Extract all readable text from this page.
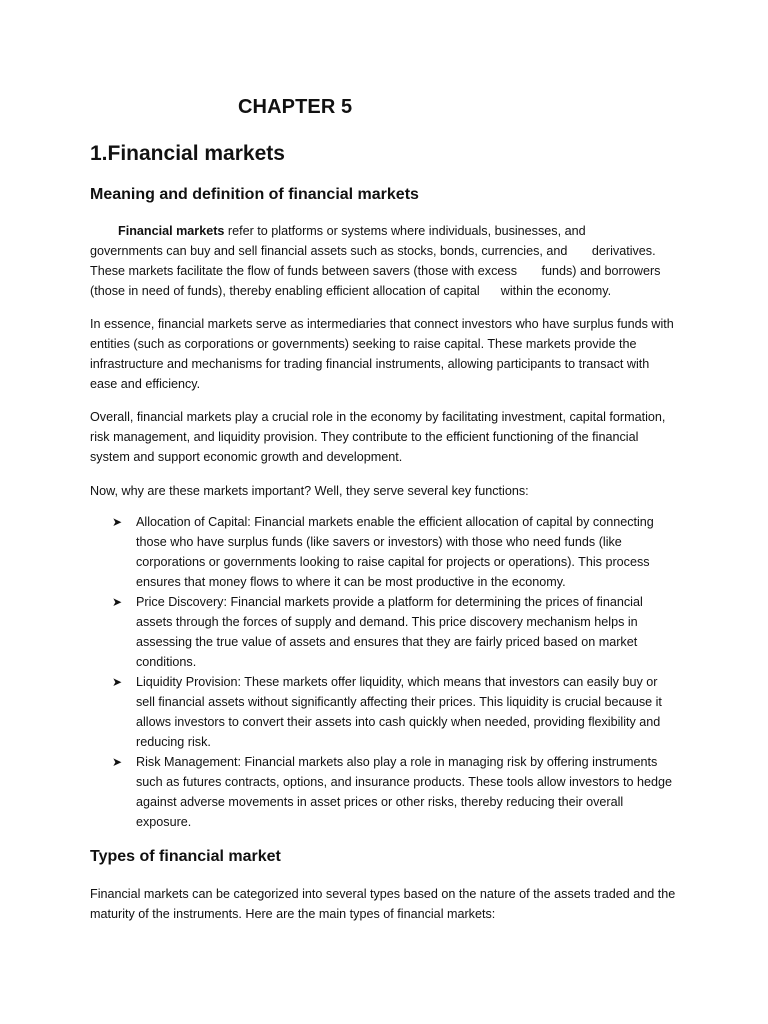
CHAPTER 5
1.Financial markets
Meaning and definition of financial markets
Financial markets refer to platforms or systems where individuals, businesses, and
governments can buy and sell financial assets such as stocks, bonds, currencies, and       derivatives.
These markets facilitate the flow of funds between savers (those with excess       funds) and borrowers
(those in need of funds), thereby enabling efficient allocation of capital      within the economy.
In essence, financial markets serve as intermediaries that connect investors who have surplus funds with
entities (such as corporations or governments) seeking to raise capital. These markets provide the
infrastructure and mechanisms for trading financial instruments, allowing participants to transact with
ease and efficiency.
Overall, financial markets play a crucial role in the economy by facilitating investment, capital formation,
risk management, and liquidity provision. They contribute to the efficient functioning of the financial
system and support economic growth and development.
Now, why are these markets important? Well, they serve several key functions:
➤ Allocation of Capital: Financial markets enable the efficient allocation of capital by connecting
those who have surplus funds (like savers or investors) with those who need funds (like
corporations or governments looking to raise capital for projects or operations). This process
ensures that money flows to where it can be most productive in the economy.
➤ Price Discovery: Financial markets provide a platform for determining the prices of financial
assets through the forces of supply and demand. This price discovery mechanism helps in
assessing the true value of assets and ensures that they are fairly priced based on market
conditions.
➤ Liquidity Provision: These markets offer liquidity, which means that investors can easily buy or
sell financial assets without significantly affecting their prices. This liquidity is crucial because it
allows investors to convert their assets into cash quickly when needed, providing flexibility and
reducing risk.
➤ Risk Management: Financial markets also play a role in managing risk by offering instruments
such as futures contracts, options, and insurance products. These tools allow investors to hedge
against adverse movements in asset prices or other risks, thereby reducing their overall
exposure.
Types of financial market
Financial markets can be categorized into several types based on the nature of the assets traded and the
maturity of the instruments. Here are the main types of financial markets:
